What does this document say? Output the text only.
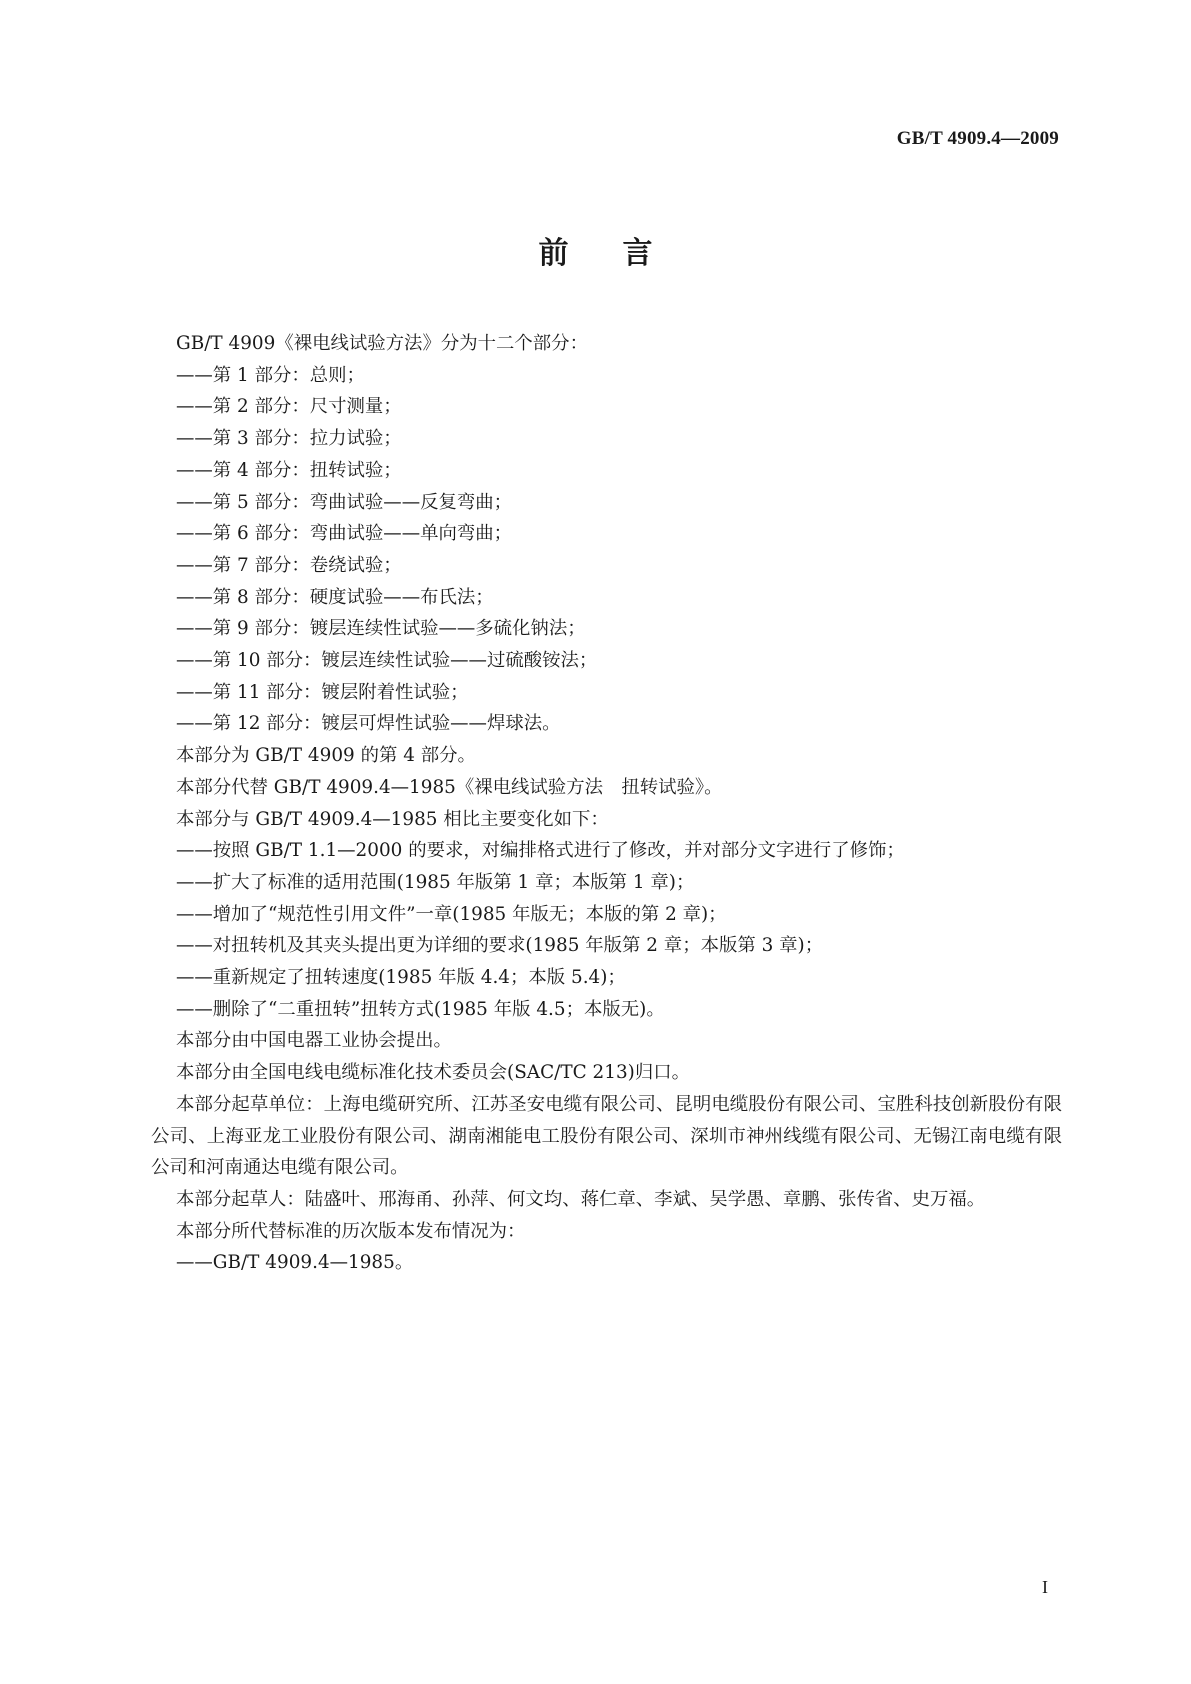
GB/T 4909.4—2009
前言
GB/T 4909《裸电线试验方法》分为十二个部分：
——第 1 部分：总则；
——第 2 部分：尺寸测量；
——第 3 部分：拉力试验；
——第 4 部分：扭转试验；
——第 5 部分：弯曲试验——反复弯曲；
——第 6 部分：弯曲试验——单向弯曲；
——第 7 部分：卷绕试验；
——第 8 部分：硬度试验——布氏法；
——第 9 部分：镀层连续性试验——多硫化钠法；
——第 10 部分：镀层连续性试验——过硫酸铵法；
——第 11 部分：镀层附着性试验；
——第 12 部分：镀层可焊性试验——焊球法。
本部分为 GB/T 4909 的第 4 部分。
本部分代替 GB/T 4909.4—1985《裸电线试验方法　扭转试验》。
本部分与 GB/T 4909.4—1985 相比主要变化如下：
——按照 GB/T 1.1—2000 的要求，对编排格式进行了修改，并对部分文字进行了修饰；
——扩大了标准的适用范围(1985 年版第 1 章；本版第 1 章)；
——增加了“规范性引用文件”一章(1985 年版无；本版的第 2 章)；
——对扭转机及其夹头提出更为详细的要求(1985 年版第 2 章；本版第 3 章)；
——重新规定了扭转速度(1985 年版 4.4；本版 5.4)；
——删除了“二重扭转”扭转方式(1985 年版 4.5；本版无)。
本部分由中国电器工业协会提出。
本部分由全国电线电缆标准化技术委员会(SAC/TC 213)归口。
本部分起草单位：上海电缆研究所、江苏圣安电缆有限公司、昆明电缆股份有限公司、宝胜科技创新股份有限公司、上海亚龙工业股份有限公司、湖南湘能电工股份有限公司、深圳市神州线缆有限公司、无锡江南电缆有限公司和河南通达电缆有限公司。
本部分起草人：陆盛叶、邢海甬、孙萍、何文均、蒋仁章、李斌、吴学愚、章鹏、张传省、史万福。
本部分所代替标准的历次版本发布情况为：
——GB/T 4909.4—1985。
I
